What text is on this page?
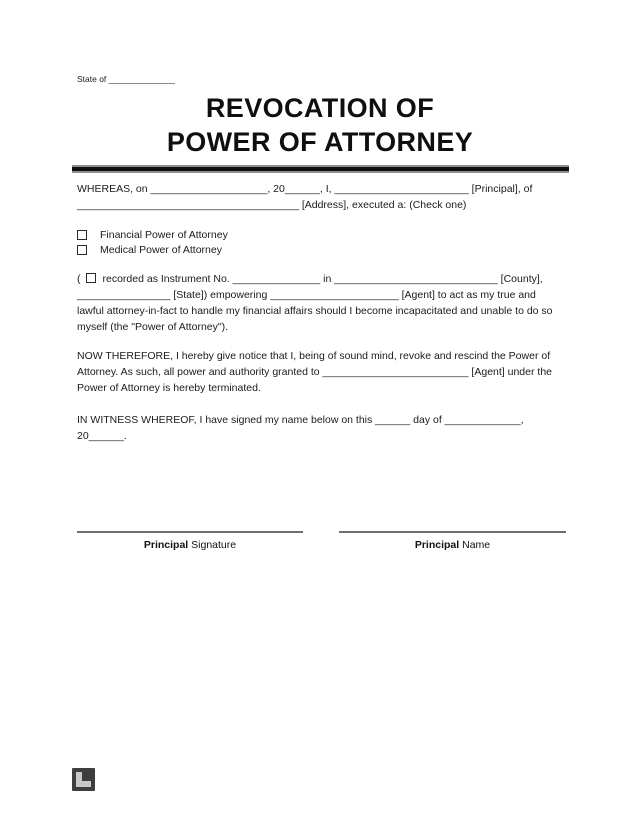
State of ______________
REVOCATION OF
POWER OF ATTORNEY
WHEREAS, on ____________________, 20______, I, _______________________ [Principal], of
______________________________________ [Address], executed a: (Check one)
Financial Power of Attorney
Medical Power of Attorney
( recorded as Instrument No. _______________ in ____________________________ [County],
________________ [State]) empowering ______________________ [Agent] to act as my true and
lawful attorney-in-fact to handle my financial affairs should I become incapacitated and unable to do so
myself (the "Power of Attorney").
NOW THEREFORE, I hereby give notice that I, being of sound mind, revoke and rescind the Power of
Attorney. As such, all power and authority granted to _________________________ [Agent] under the
Power of Attorney is hereby terminated.
IN WITNESS WHEREOF, I have signed my name below on this ______ day of _____________,
20______.
Principal Signature	Principal Name
